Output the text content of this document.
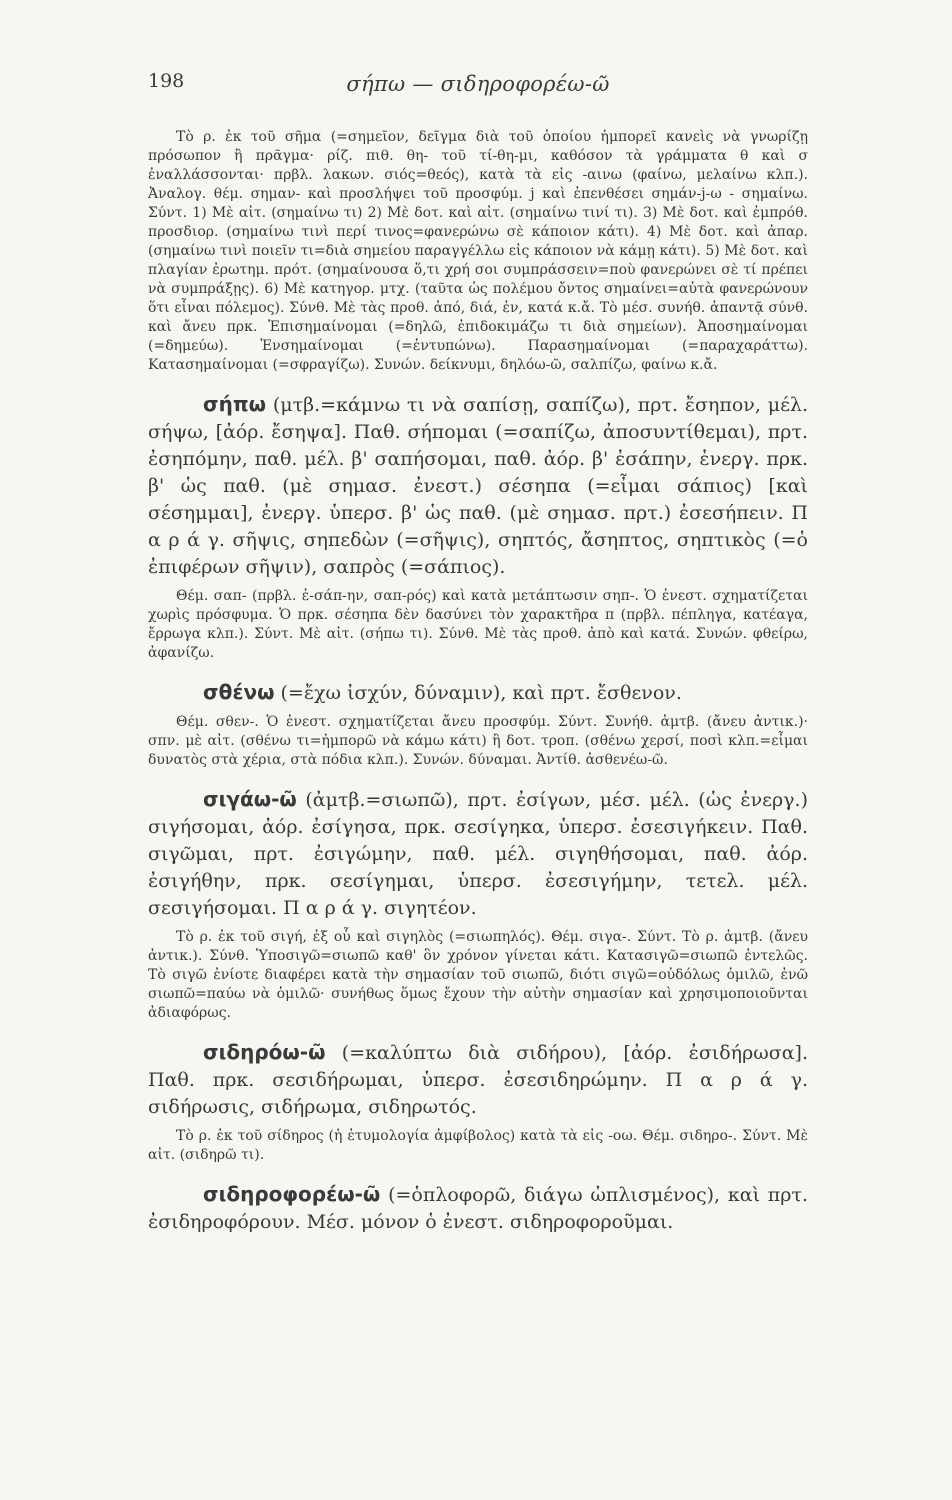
198	σήπω — σιδηροφορέω-ῶ

Τὸ ρ. ἐκ τοῦ σῆμα (=σημεῖον, δεῖγμα διὰ τοῦ ὁποίου ἠμπορεῖ κανεὶς νὰ γνωρίζῃ πρόσωπον ἢ πρᾶγμα· ρίζ. πιθ. θη- τοῦ τί-θη-μι, καθόσον τὰ γράμματα θ καὶ σ ἐναλλάσσονται· πρβλ. λακων. σιός=θεός), κατὰ τὰ εἰς -αινω (φαίνω, μελαίνω κλπ.). Ἀναλογ. θέμ. σημαν- καὶ προσλήψει τοῦ προσφύμ. j καὶ ἐπενθέσει σημάν-j-ω - σημαίνω. Σύντ. 1) Μὲ αἰτ. (σημαίνω τι) 2) Μὲ δοτ. καὶ αἰτ. (σημαίνω τινί τι). 3) Μὲ δοτ. καὶ ἐμπρόθ. προσδιορ. (σημαίνω τινὶ περί τινος=φανερώνω σὲ κάποιον κάτι). 4) Μὲ δοτ. καὶ ἀπαρ. (σημαίνω τινὶ ποιεῖν τι=διὰ σημείου παραγγέλλω εἰς κάποιον νὰ κάμῃ κάτι). 5) Μὲ δοτ. καὶ πλαγίαν ἐρωτημ. πρότ. (σημαίνουσα ὅ,τι χρή σοι συμπράσσειν=ποὺ φανερώνει σὲ τί πρέπει νὰ συμπράξῃς). 6) Μὲ κατηγορ. μτχ. (ταῦτα ὡς πολέμου ὄντος σημαίνει=αὐτὰ φανερώνουν ὅτι εἶναι πόλεμος). Σύνθ. Μὲ τὰς προθ. ἀπό, διά, ἐν, κατά κ.ἄ. Τὸ μέσ. συνήθ. ἁπαντᾷ σύνθ. καὶ ἄνευ πρκ. Ἐπισημαίνομαι (=δηλῶ, ἐπιδοκιμάζω τι διὰ σημείων). Ἀποσημαίνομαι (=δημεύω). Ἐνσημαίνομαι (=ἐντυπώνω). Παρασημαίνομαι (=παραχαράττω). Κατασημαίνομαι (=σφραγίζω). Συνών. δείκνυμι, δηλόω-ῶ, σαλπίζω, φαίνω κ.ἄ.

σήπω (μτβ.=κάμνω τι νὰ σαπίσῃ, σαπίζω), πρτ. ἔσηπον, μέλ. σήψω, [ἀόρ. ἔσηψα]. Παθ. σήπομαι (=σαπίζω, ἀποσυντίθεμαι), πρτ. ἐσηπόμην, παθ. μέλ. β' σαπήσομαι, παθ. ἀόρ. β' ἐσάπην, ἐνεργ. πρκ. β' ὡς παθ. (μὲ σημασ. ἐνεστ.) σέσηπα (=εἶμαι σάπιος) [καὶ σέσημμαι], ἐνεργ. ὑπερσ. β' ὡς παθ. (μὲ σημασ. πρτ.) ἐσεσήπειν. Π α ρ ά γ. σῆψις, σηπεδὼν (=σῆψις), σηπτός, ἄσηπτος, σηπτικὸς (=ὁ ἐπιφέρων σῆψιν), σαπρὸς (=σάπιος).

Θέμ. σαπ- (πρβλ. ἐ-σάπ-ην, σαπ-ρός) καὶ κατὰ μετάπτωσιν σηπ-. Ὁ ἐνεστ. σχηματίζεται χωρὶς πρόσφυμα. Ὁ πρκ. σέσηπα δὲν δασύνει τὸν χαρακτῆρα π (πρβλ. πέπληγα, κατέαγα, ἔρρωγα κλπ.). Σύντ. Μὲ αἰτ. (σήπω τι). Σύνθ. Μὲ τὰς προθ. ἀπὸ καὶ κατά. Συνών. φθείρω, ἀφανίζω.

σθένω (=ἔχω ἰσχύν, δύναμιν), καὶ πρτ. ἔσθενον.

Θέμ. σθεν-. Ὁ ἐνεστ. σχηματίζεται ἄνευ προσφύμ. Σύντ. Συνήθ. ἀμτβ. (ἄνευ ἀντικ.)· σπν. μὲ αἰτ. (σθένω τι=ἠμπορῶ νὰ κάμω κάτι) ἢ δοτ. τροπ. (σθένω χερσί, ποσὶ κλπ.=εἶμαι δυνατὸς στὰ χέρια, στὰ πόδια κλπ.). Συνών. δύναμαι. Ἀντίθ. ἀσθενέω-ῶ.

σιγάω-ῶ (ἀμτβ.=σιωπῶ), πρτ. ἐσίγων, μέσ. μέλ. (ὡς ἐνεργ.) σιγήσομαι, ἀόρ. ἐσίγησα, πρκ. σεσίγηκα, ὑπερσ. ἐσεσιγήκειν. Παθ. σιγῶμαι, πρτ. ἐσιγώμην, παθ. μέλ. σιγηθήσομαι, παθ. ἀόρ. ἐσιγήθην, πρκ. σεσίγημαι, ὑπερσ. ἐσεσιγήμην, τετελ. μέλ. σεσιγήσομαι. Π α ρ ά γ. σιγητέον.

Τὸ ρ. ἐκ τοῦ σιγή, ἐξ οὗ καὶ σιγηλὸς (=σιωπηλός). Θέμ. σιγα-. Σύντ. Τὸ ρ. ἀμτβ. (ἄνευ ἀντικ.). Σύνθ. Ὑποσιγῶ=σιωπῶ καθ' ὃν χρόνον γίνεται κάτι. Κατασιγῶ=σιωπῶ ἐντελῶς. Τὸ σιγῶ ἐνίοτε διαφέρει κατὰ τὴν σημασίαν τοῦ σιωπῶ, διότι σιγῶ=οὐδόλως ὁμιλῶ, ἐνῶ σιωπῶ=παύω νὰ ὁμιλῶ· συνήθως ὅμως ἔχουν τὴν αὐτὴν σημασίαν καὶ χρησιμοποιοῦνται ἀδιαφόρως.

σιδηρόω-ῶ (=καλύπτω διὰ σιδήρου), [ἀόρ. ἐσιδήρωσα]. Παθ. πρκ. σεσιδήρωμαι, ὑπερσ. ἐσεσιδηρώμην. Π α ρ ά γ. σιδήρωσις, σιδήρωμα, σιδηρωτός.

Τὸ ρ. ἐκ τοῦ σίδηρος (ἡ ἐτυμολογία ἀμφίβολος) κατὰ τὰ εἰς -οω. Θέμ. σιδηρο-. Σύντ. Μὲ αἰτ. (σιδηρῶ τι).

σιδηροφορέω-ῶ (=ὁπλοφορῶ, διάγω ὡπλισμένος), καὶ πρτ. ἐσιδηροφόρουν. Μέσ. μόνον ὁ ἐνεστ. σιδηροφοροῦμαι.
